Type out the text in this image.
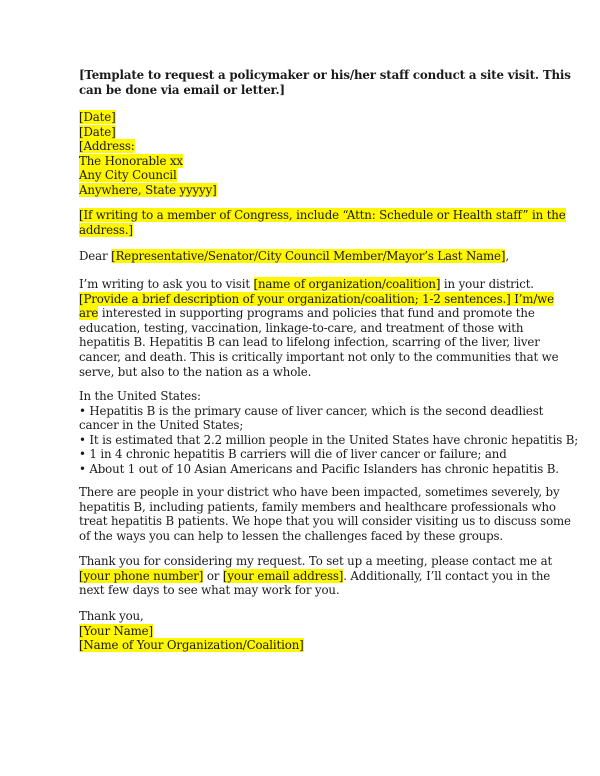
[Template to request a policymaker or his/her staff conduct a site visit. This
can be done via email or letter.]
[Date]
[Date]
[Address:
The Honorable xx
Any City Council
Anywhere, State yyyyy]
[If writing to a member of Congress, include “Attn: Schedule or Health staff” in the
address.]
Dear [Representative/Senator/City Council Member/Mayor’s Last Name],
I’m writing to ask you to visit [name of organization/coalition] in your district.
[Provide a brief description of your organization/coalition; 1-2 sentences.] I’m/we
are interested in supporting programs and policies that fund and promote the
education, testing, vaccination, linkage-to-care, and treatment of those with
hepatitis B. Hepatitis B can lead to lifelong infection, scarring of the liver, liver
cancer, and death. This is critically important not only to the communities that we
serve, but also to the nation as a whole.
In the United States:
• Hepatitis B is the primary cause of liver cancer, which is the second deadliest
cancer in the United States;
• It is estimated that 2.2 million people in the United States have chronic hepatitis B;
• 1 in 4 chronic hepatitis B carriers will die of liver cancer or failure; and
• About 1 out of 10 Asian Americans and Pacific Islanders has chronic hepatitis B.
There are people in your district who have been impacted, sometimes severely, by
hepatitis B, including patients, family members and healthcare professionals who
treat hepatitis B patients. We hope that you will consider visiting us to discuss some
of the ways you can help to lessen the challenges faced by these groups.
Thank you for considering my request. To set up a meeting, please contact me at
[your phone number] or [your email address]. Additionally, I’ll contact you in the
next few days to see what may work for you.
Thank you,
[Your Name]
[Name of Your Organization/Coalition]
